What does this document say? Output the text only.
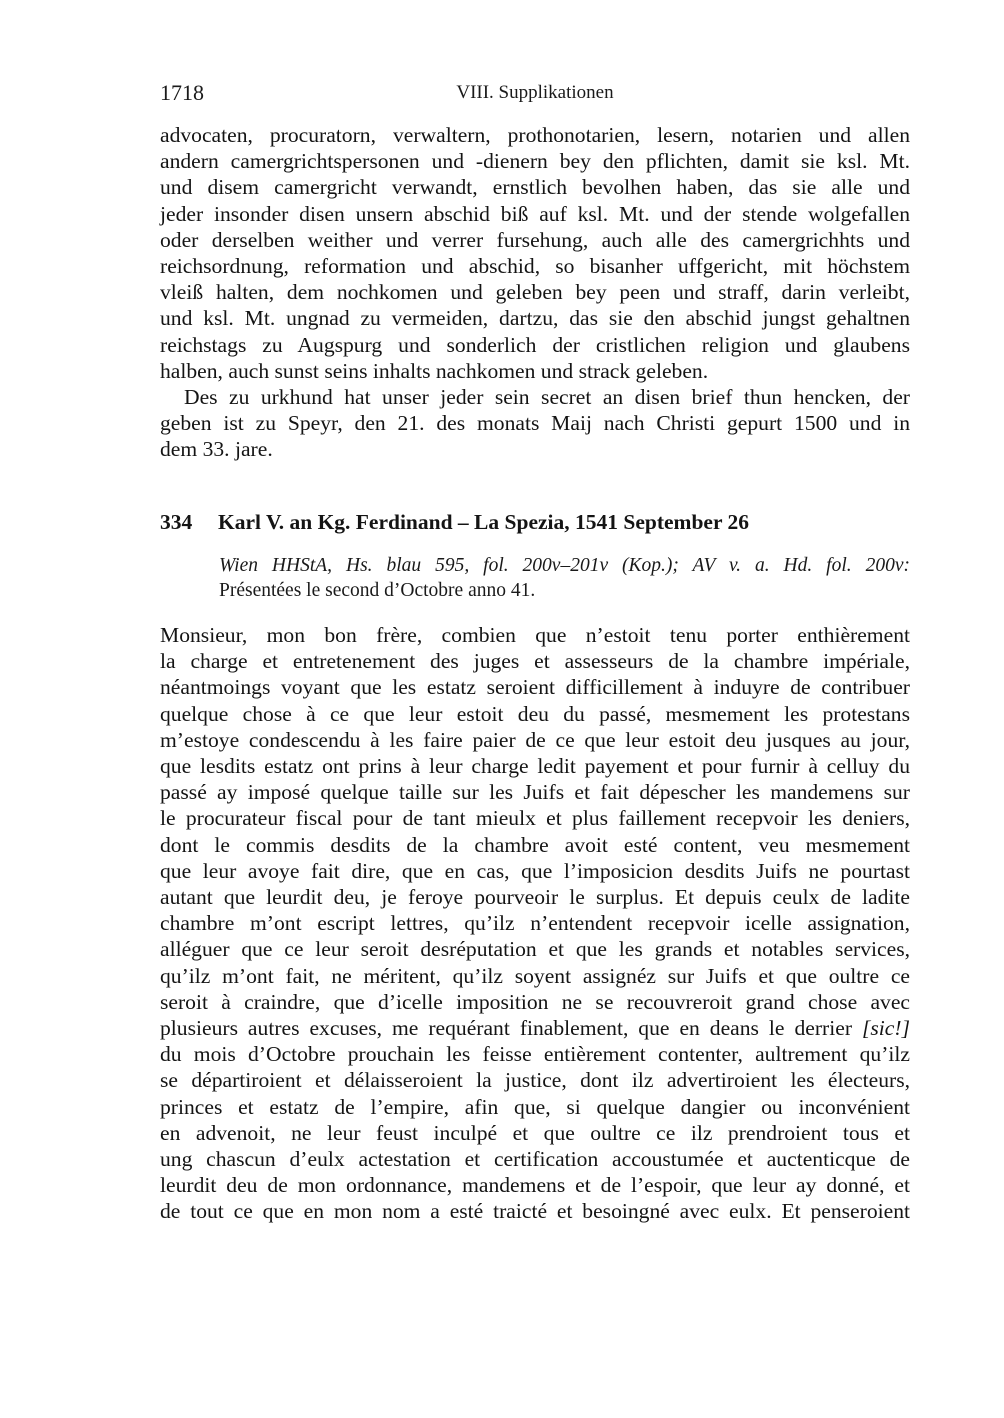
1718	VIII. Supplikationen
advocaten, procuratorn, verwaltern, prothonotarien, lesern, notarien und allen
andern camergrichtspersonen und -dienern bey den pflichten, damit sie ksl. Mt.
und disem camergricht verwandt, ernstlich bevolhen haben, das sie alle und
jeder insonder disen unsern abschid biß auf ksl. Mt. und der stende wolgefallen
oder derselben weither und verrer fursehung, auch alle des camergrichhts und
reichsordnung, reformation und abschid, so bisanher uffgericht, mit höchstem
vleiß halten, dem nochkomen und geleben bey peen und straff, darin verleibt,
und ksl. Mt. ungnad zu vermeiden, dartzu, das sie den abschid jungst gehaltnen
reichstags zu Augspurg und sonderlich der cristlichen religion und glaubens
halben, auch sunst seins inhalts nachkomen und strack geleben.
Des zu urkhund hat unser jeder sein secret an disen brief thun hencken, der
geben ist zu Speyr, den 21. des monats Maij nach Christi gepurt 1500 und in
dem 33. jare.
334 Karl V. an Kg. Ferdinand – La Spezia, 1541 September 26
Wien HHStA, Hs. blau 595, fol. 200v–201v (Kop.); AV v. a. Hd. fol. 200v:
Présentées le second d’Octobre anno 41.
Monsieur, mon bon frère, combien que n’estoit tenu porter enthièrement
la charge et entretenement des juges et assesseurs de la chambre impériale,
néantmoings voyant que les estatz seroient difficillement à induyre de contribuer
quelque chose à ce que leur estoit deu du passé, mesmement les protestans
m’estoye condescendu à les faire paier de ce que leur estoit deu jusques au jour,
que lesdits estatz ont prins à leur charge ledit payement et pour furnir à celluy du
passé ay imposé quelque taille sur les Juifs et fait dépescher les mandemens sur
le procurateur fiscal pour de tant mieulx et plus faillement recepvoir les deniers,
dont le commis desdits de la chambre avoit esté content, veu mesmement
que leur avoye fait dire, que en cas, que l’imposicion desdits Juifs ne pourtast
autant que leurdit deu, je feroye pourveoir le surplus. Et depuis ceulx de ladite
chambre m’ont escript lettres, qu’ilz n’entendent recepvoir icelle assignation,
alléguer que ce leur seroit desréputation et que les grands et notables services,
qu’ilz m’ont fait, ne méritent, qu’ilz soyent assignéz sur Juifs et que oultre ce
seroit à craindre, que d’icelle imposition ne se recouvreroit grand chose avec
plusieurs autres excuses, me requérant finablement, que en deans le derrier [sic!]
du mois d’Octobre prouchain les feisse entièrement contenter, aultrement qu’ilz
se départiroient et délaisseroient la justice, dont ilz advertiroient les électeurs,
princes et estatz de l’empire, afin que, si quelque dangier ou inconvénient
en advenoit, ne leur feust inculpé et que oultre ce ilz prendroient tous et
ung chascun d’eulx actestation et certification accoustumée et auctenticque de
leurdit deu de mon ordonnance, mandemens et de l’espoir, que leur ay donné, et
de tout ce que en mon nom a esté traicté et besoingné avec eulx. Et penseroient
